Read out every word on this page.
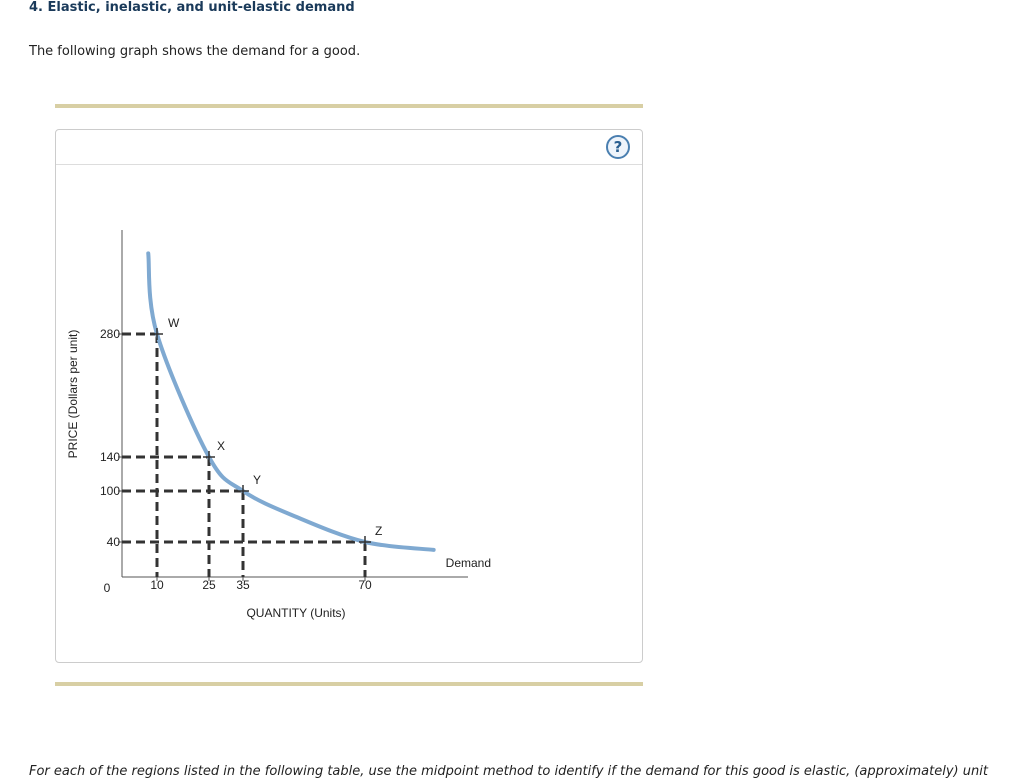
4. Elastic, inelastic, and unit-elastic demand

The following graph shows the demand for a good.

?
Demand
W
X
Y
Z
40
100
140
280
10	25 35	70
0
QUANTITY (Units)
PRICE (Dollars per unit)

For each of the regions listed in the following table, use the midpoint method to identify if the demand for this good is elastic, (approximately) unit
